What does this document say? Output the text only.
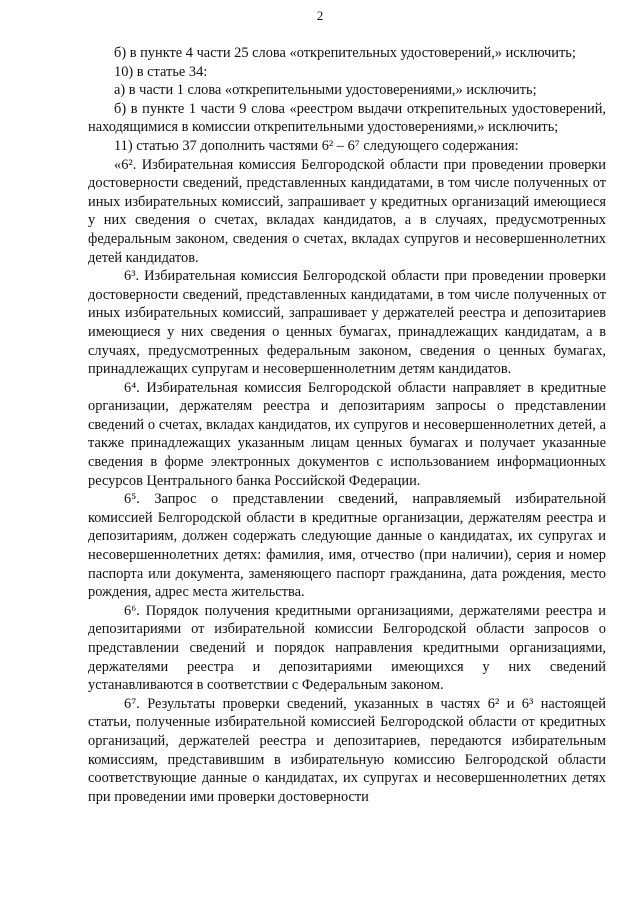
2

б) в пункте 4 части 25 слова «открепительных удостоверений,» исключить;

10) в статье 34:

а) в части 1 слова «открепительными удостоверениями,» исключить;

б) в пункте 1 части 9 слова «реестром выдачи открепительных удостоверений, находящимися в комиссии открепительными удостоверениями,» исключить;

11) статью 37 дополнить частями 6² – 6⁷ следующего содержания:

«6². Избирательная комиссия Белгородской области при проведении проверки достоверности сведений, представленных кандидатами, в том числе полученных от иных избирательных комиссий, запрашивает у кредитных организаций имеющиеся у них сведения о счетах, вкладах кандидатов, а в случаях, предусмотренных федеральным законом, сведения о счетах, вкладах супругов и несовершеннолетних детей кандидатов.

6³. Избирательная комиссия Белгородской области при проведении проверки достоверности сведений, представленных кандидатами, в том числе полученных от иных избирательных комиссий, запрашивает у держателей реестра и депозитариев имеющиеся у них сведения о ценных бумагах, принадлежащих кандидатам, а в случаях, предусмотренных федеральным законом, сведения о ценных бумагах, принадлежащих супругам и несовершеннолетним детям кандидатов.

6⁴. Избирательная комиссия Белгородской области направляет в кредитные организации, держателям реестра и депозитариям запросы о представлении сведений о счетах, вкладах кандидатов, их супругов и несовершеннолетних детей, а также принадлежащих указанным лицам ценных бумагах и получает указанные сведения в форме электронных документов с использованием информационных ресурсов Центрального банка Российской Федерации.

6⁵. Запрос о представлении сведений, направляемый избирательной комиссией Белгородской области в кредитные организации, держателям реестра и депозитариям, должен содержать следующие данные о кандидатах, их супругах и несовершеннолетних детях: фамилия, имя, отчество (при наличии), серия и номер паспорта или документа, заменяющего паспорт гражданина, дата рождения, место рождения, адрес места жительства.

6⁶. Порядок получения кредитными организациями, держателями реестра и депозитариями от избирательной комиссии Белгородской области запросов о представлении сведений и порядок направления кредитными организациями, держателями реестра и депозитариями имеющихся у них сведений устанавливаются в соответствии с Федеральным законом.

6⁷. Результаты проверки сведений, указанных в частях 6² и 6³ настоящей статьи, полученные избирательной комиссией Белгородской области от кредитных организаций, держателей реестра и депозитариев, передаются избирательным комиссиям, представившим в избирательную комиссию Белгородской области соответствующие данные о кандидатах, их супругах и несовершеннолетних детях при проведении ими проверки достоверности
